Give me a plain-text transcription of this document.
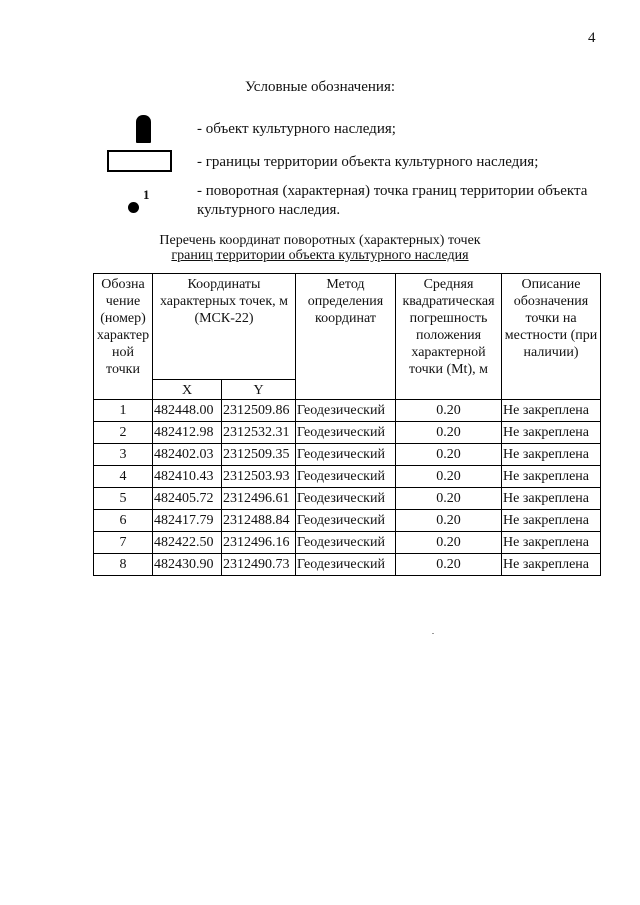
4
Условные обозначения:
- объект культурного наследия;
- границы территории объекта культурного наследия;
1	- поворотная (характерная) точка границ территории объекта культурного наследия.
Перечень координат поворотных (характерных) точек
границ территории объекта культурного наследия
Обозна чение (номер) характер ной точки	Координаты характерных точек, м (МСК-22)		Метод определения координат	Средняя квадратическая погрешность положения характерной точки (Mt), м	Описание обозначения точки на местности (при наличии)
	X	Y			
1	482448.00	2312509.86	Геодезический	0.20	Не закреплена
2	482412.98	2312532.31	Геодезический	0.20	Не закреплена
3	482402.03	2312509.35	Геодезический	0.20	Не закреплена
4	482410.43	2312503.93	Геодезический	0.20	Не закреплена
5	482405.72	2312496.61	Геодезический	0.20	Не закреплена
6	482417.79	2312488.84	Геодезический	0.20	Не закреплена
7	482422.50	2312496.16	Геодезический	0.20	Не закреплена
8	482430.90	2312490.73	Геодезический	0.20	Не закреплена
